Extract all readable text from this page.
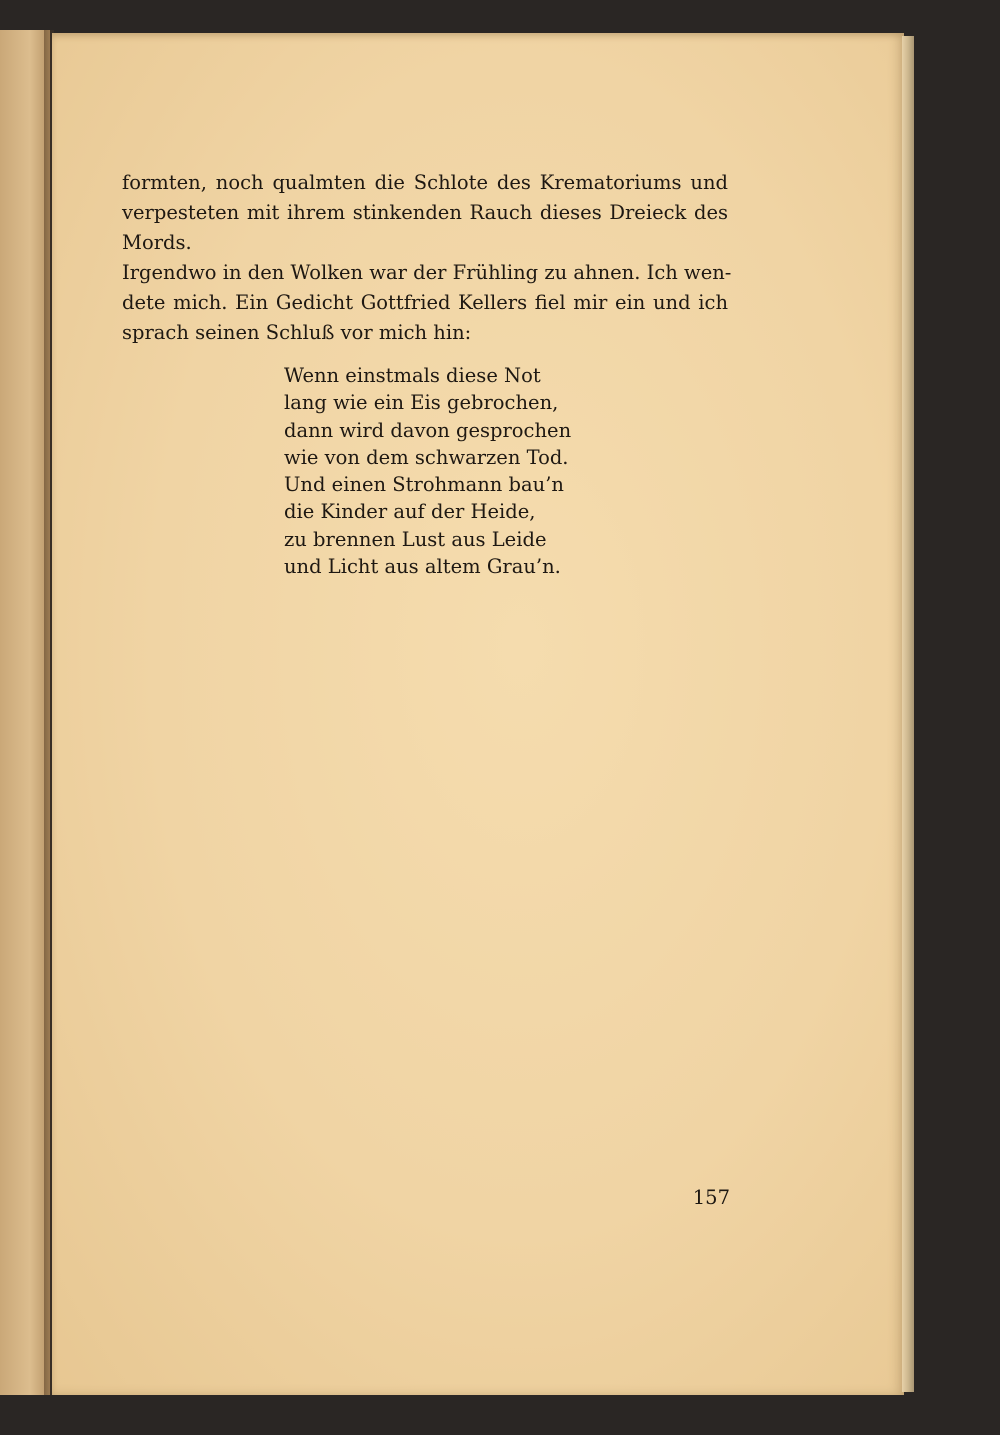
formten, noch qualmten die Schlote des Krematoriums und
verpesteten mit ihrem stinkenden Rauch dieses Dreieck des
Mords.
Irgendwo in den Wolken war der Frühling zu ahnen. Ich wen-
dete mich. Ein Gedicht Gottfried Kellers fiel mir ein und ich
sprach seinen Schluß vor mich hin:
Wenn einstmals diese Not
lang wie ein Eis gebrochen,
dann wird davon gesprochen
wie von dem schwarzen Tod.
Und einen Strohmann bau’n
die Kinder auf der Heide,
zu brennen Lust aus Leide
und Licht aus altem Grau’n.
157
